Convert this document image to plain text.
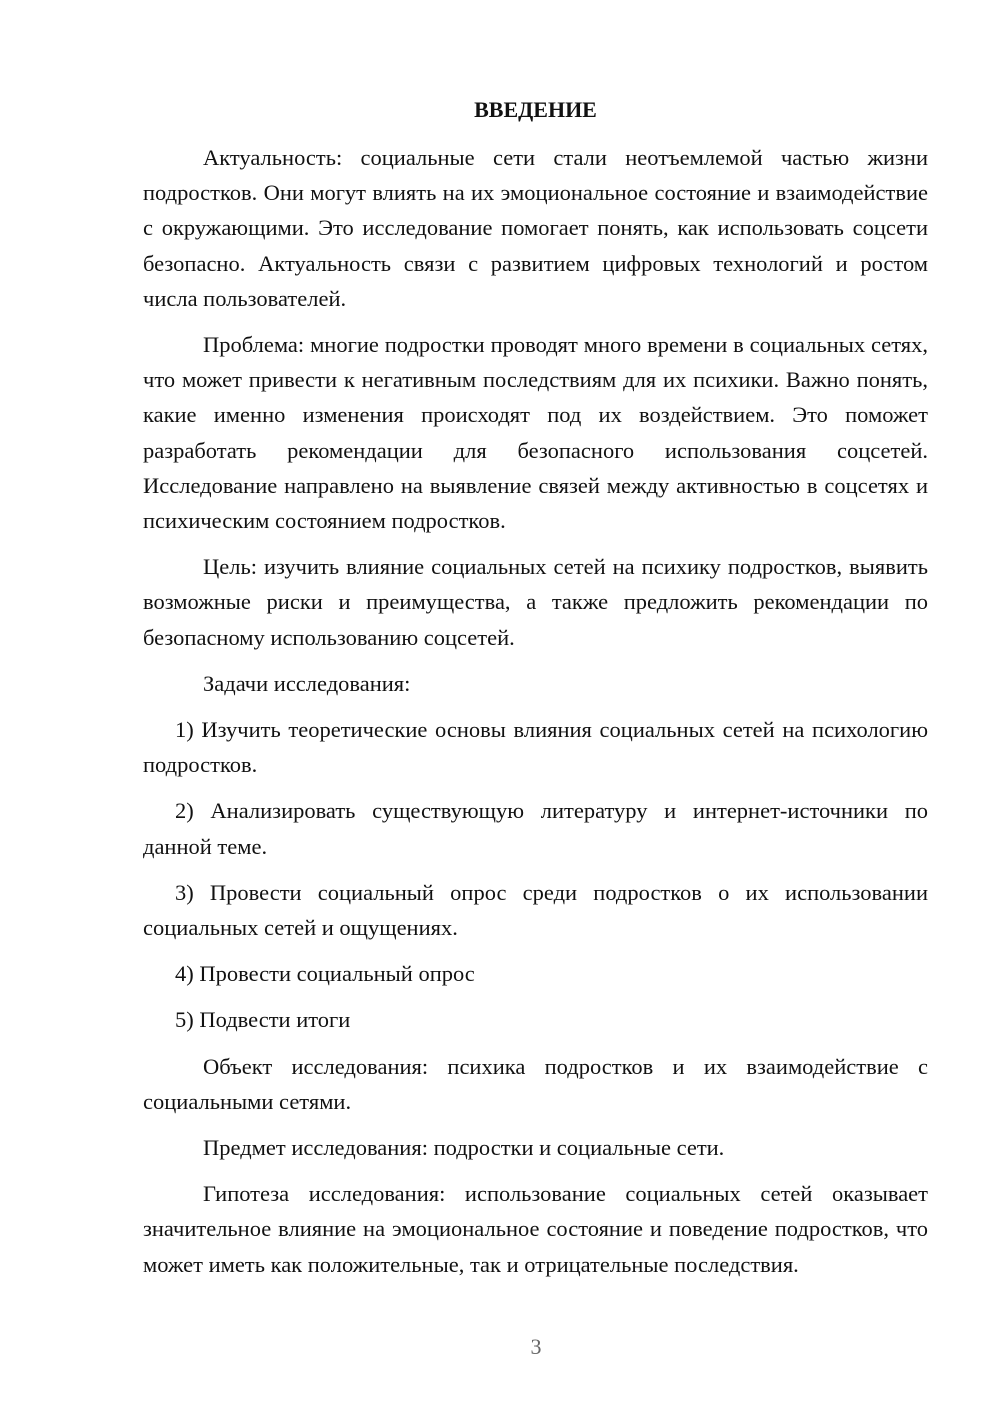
ВВЕДЕНИЕ

Актуальность: социальные сети стали неотъемлемой частью жизни подростков. Они могут влиять на их эмоциональное состояние и взаимодействие с окружающими. Это исследование помогает понять, как использовать соцсети безопасно. Актуальность связи с развитием цифровых технологий и ростом числа пользователей.

Проблема: многие подростки проводят много времени в социальных сетях, что может привести к негативным последствиям для их психики. Важно понять, какие именно изменения происходят под их воздействием. Это поможет разработать рекомендации для безопасного использования соцсетей. Исследование направлено на выявление связей между активностью в соцсетях и психическим состоянием подростков.

Цель: изучить влияние социальных сетей на психику подростков, выявить возможные риски и преимущества, а также предложить рекомендации по безопасному использованию соцсетей.

Задачи исследования:

1) Изучить теоретические основы влияния социальных сетей на психологию подростков.

2) Анализировать существующую литературу и интернет-источники по данной теме.

3) Провести социальный опрос среди подростков о их использовании социальных сетей и ощущениях.

4) Провести социальный опрос

5) Подвести итоги

Объект исследования: психика подростков и их взаимодействие с социальными сетями.

Предмет исследования: подростки и социальные сети.

Гипотеза исследования: использование социальных сетей оказывает значительное влияние на эмоциональное состояние и поведение подростков, что может иметь как положительные, так и отрицательные последствия.

3
